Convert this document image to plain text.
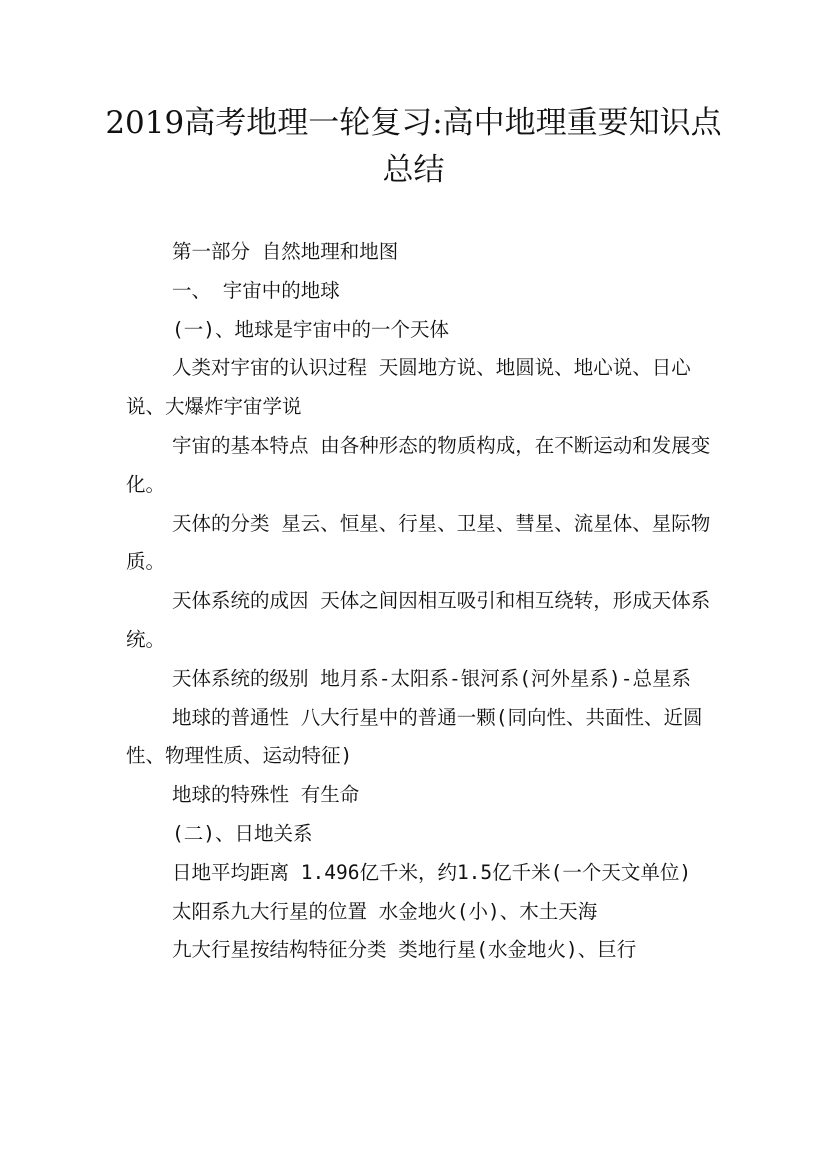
2019高考地理一轮复习:高中地理重要知识点总结

第一部分 自然地理和地图

一、 宇宙中的地球

(一)、地球是宇宙中的一个天体

人类对宇宙的认识过程 天圆地方说、地圆说、地心说、日心说、大爆炸宇宙学说

宇宙的基本特点 由各种形态的物质构成，在不断运动和发展变化。

天体的分类 星云、恒星、行星、卫星、彗星、流星体、星际物质。

天体系统的成因 天体之间因相互吸引和相互绕转，形成天体系统。

天体系统的级别 地月系-太阳系-银河系(河外星系)-总星系

地球的普通性 八大行星中的普通一颗(同向性、共面性、近圆性、物理性质、运动特征)

地球的特殊性 有生命

(二)、日地关系

日地平均距离 1.496亿千米，约1.5亿千米(一个天文单位)

太阳系九大行星的位置 水金地火(小)、木土天海

九大行星按结构特征分类 类地行星(水金地火)、巨行
